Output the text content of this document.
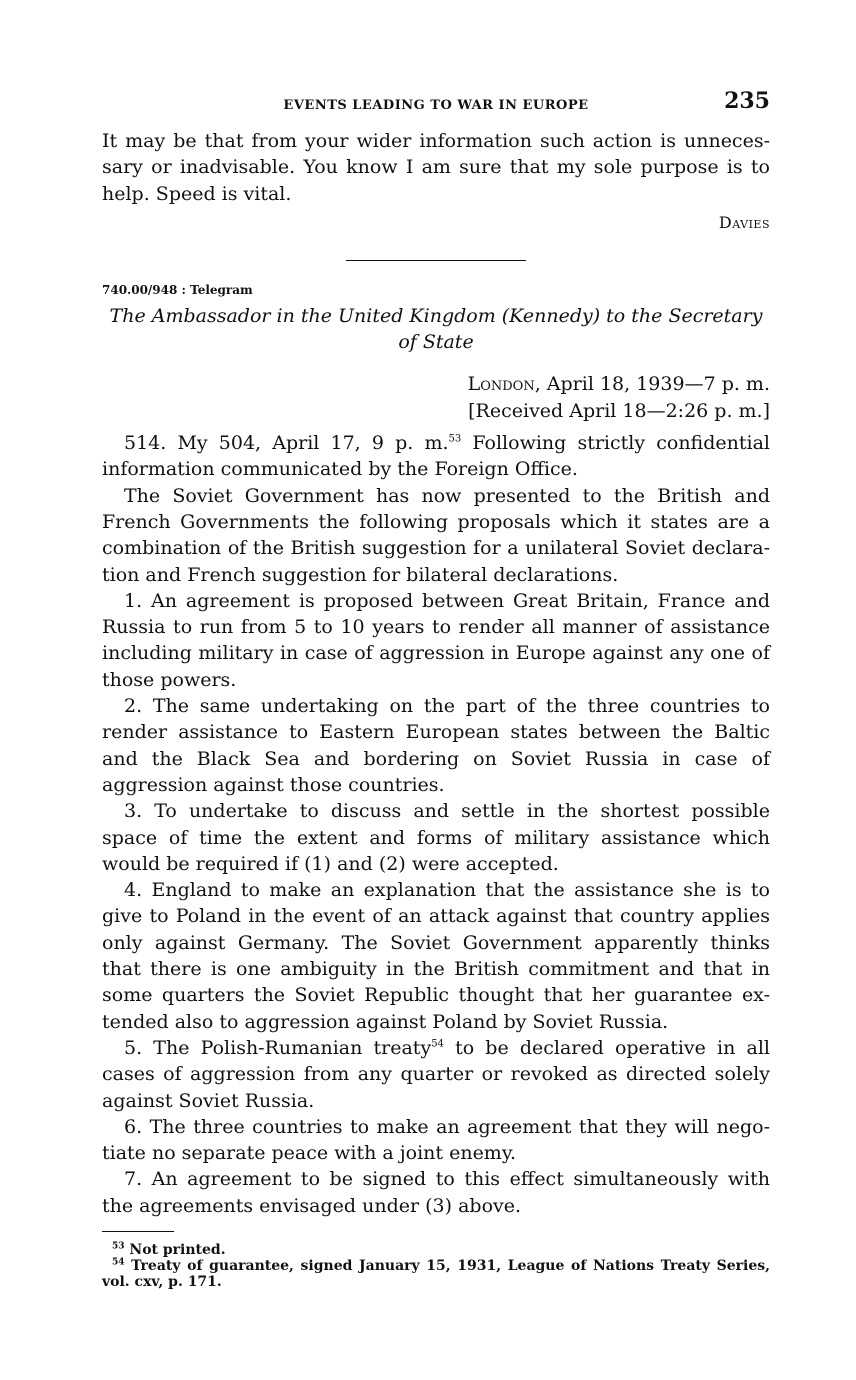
EVENTS LEADING TO WAR IN EUROPE	235

It may be that from your wider information such action is unneces- sary or inadvisable. You know I am sure that my sole purpose is to help. Speed is vital.

Davies
740.00/948 : Telegram
The Ambassador in the United Kingdom (Kennedy) to the Secretary of State
London, April 18, 1939—7 p. m.
[Received April 18—2:26 p. m.]

514. My 504, April 17, 9 p. m.$^{53}$ Following strictly confidential information communicated by the Foreign Office.

The Soviet Government has now presented to the British and French Governments the following proposals which it states are a combination of the British suggestion for a unilateral Soviet declara- tion and French suggestion for bilateral declarations.

1. An agreement is proposed between Great Britain, France and Russia to run from 5 to 10 years to render all manner of assistance including military in case of aggression in Europe against any one of those powers.

2. The same undertaking on the part of the three countries to render assistance to Eastern European states between the Baltic and the Black Sea and bordering on Soviet Russia in case of aggression against those countries.

3. To undertake to discuss and settle in the shortest possible space of time the extent and forms of military assistance which would be required if (1) and (2) were accepted.

4. England to make an explanation that the assistance she is to give to Poland in the event of an attack against that country applies only against Germany. The Soviet Government apparently thinks that there is one ambiguity in the British commitment and that in some quarters the Soviet Republic thought that her guarantee ex- tended also to aggression against Poland by Soviet Russia.

5. The Polish-Rumanian treaty$^{54}$ to be declared operative in all cases of aggression from any quarter or revoked as directed solely against Soviet Russia.

6. The three countries to make an agreement that they will nego- tiate no separate peace with a joint enemy.

7. An agreement to be signed to this effect simultaneously with the agreements envisaged under (3) above.

$^{53}$ Not printed.
$^{54}$ Treaty of guarantee, signed January 15, 1931, League of Nations Treaty Series, vol. cxv, p. 171.
